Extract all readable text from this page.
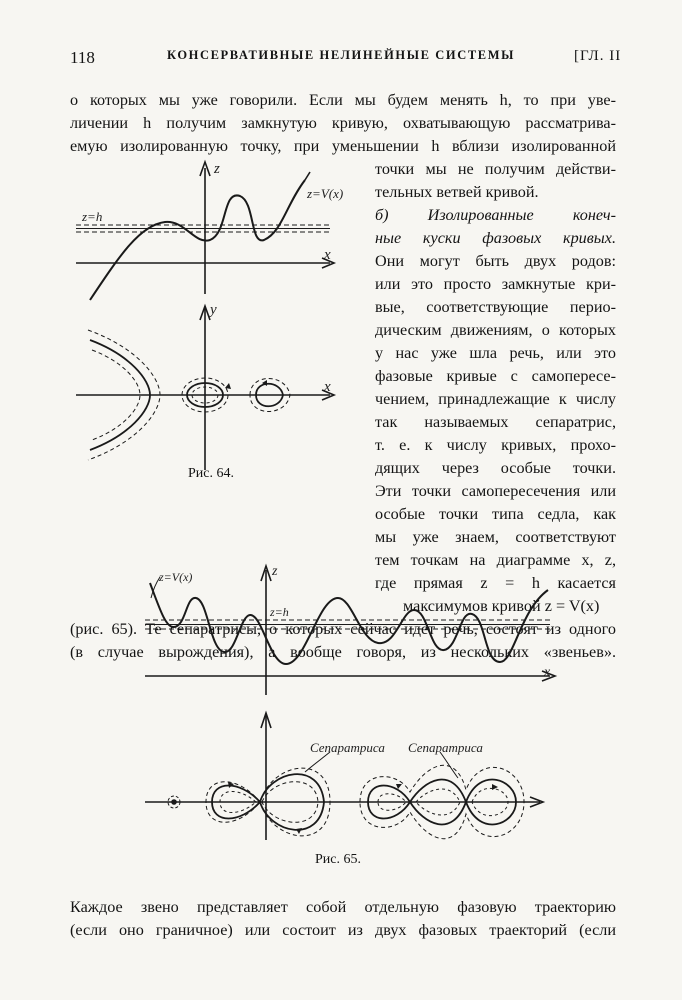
118	КОНСЕРВАТИВНЫЕ НЕЛИНЕЙНЫЕ СИСТЕМЫ	[ГЛ. II
о которых мы уже говорили. Если мы будем менять h, то при уве-
личении h получим замкнутую кривую, охватывающую рассматрива-
емую изолированную точку, при уменьшении h вблизи изолированной
точки мы не получим действи-
тельных ветвей кривой.
б) Изолированные конеч-
ные куски фазовых кривых.
Они могут быть двух родов:
или это просто замкнутые кри-
вые, соответствующие перио-
дическим движениям, о которых
у нас уже шла речь, или это
фазовые кривые с самопересе-
чением, принадлежащие к числу
так называемых сепаратрис,
т. е. к числу кривых, прохо-
дящих через особые точки.
Эти точки самопересечения или
особые точки типа седла, как
мы уже знаем, соответствуют
тем точкам на диаграмме x, z,
где прямая z = h касается
максимумов кривой z = V(x)
(рис. 65). Те сепаратрисы, о которых сейчас идет речь, состоят из одного
(в случае вырождения), а вообще говоря, из нескольких «звеньев».
z
x
z=h
z=V(x)
y
x
Рис. 64.
z
x
z=h
z=V(x)
Сепаратриса Сепаратриса
Рис. 65.
Каждое звено представляет собой отдельную фазовую траекторию
(если оно граничное) или состоит из двух фазовых траекторий (если
